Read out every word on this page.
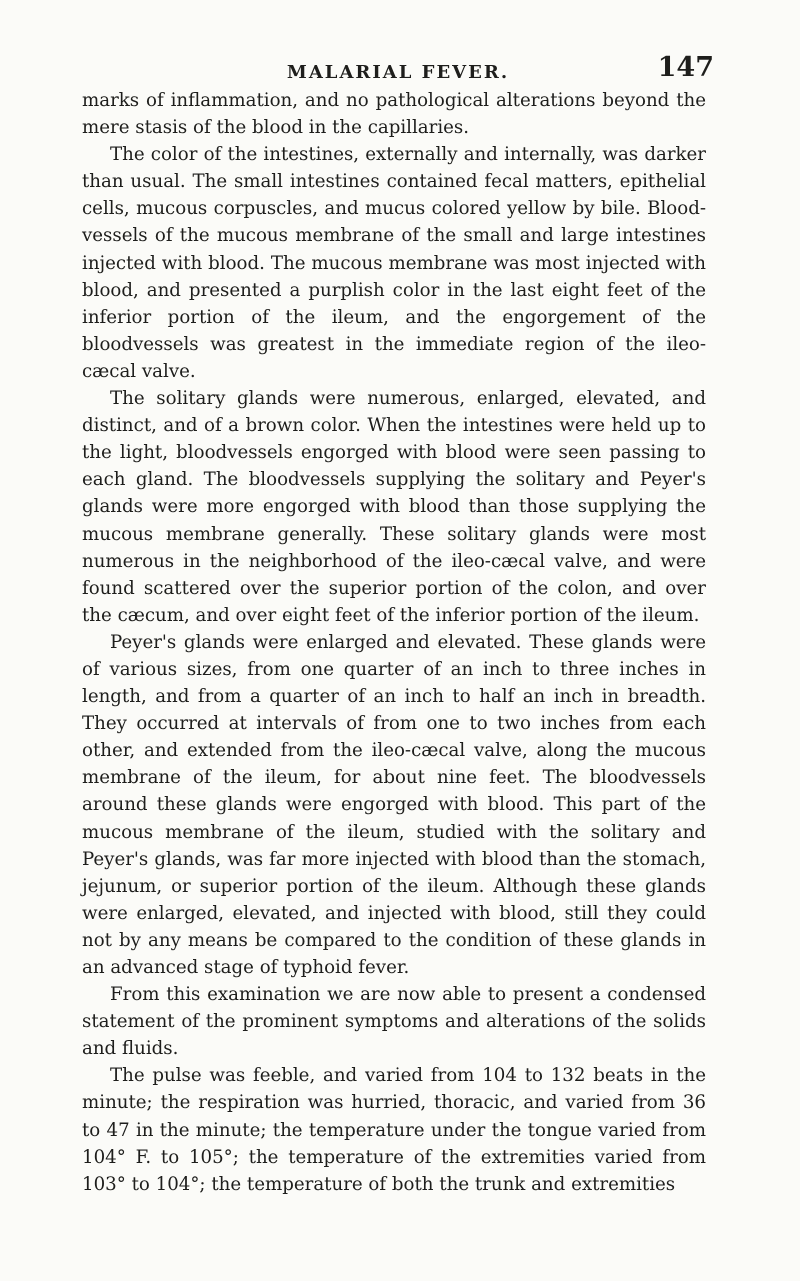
MALARIAL FEVER.	147

marks of inflammation, and no pathological alterations beyond the mere stasis of the blood in the capillaries.

The color of the intestines, externally and internally, was darker than usual. The small intestines contained fecal matters, epithelial cells, mucous corpuscles, and mucus colored yellow by bile. Blood-vessels of the mucous membrane of the small and large intestines injected with blood. The mucous membrane was most injected with blood, and presented a purplish color in the last eight feet of the inferior portion of the ileum, and the engorgement of the bloodvessels was greatest in the immediate region of the ileo-cæcal valve.

The solitary glands were numerous, enlarged, elevated, and distinct, and of a brown color. When the intestines were held up to the light, bloodvessels engorged with blood were seen passing to each gland. The bloodvessels supplying the solitary and Peyer's glands were more engorged with blood than those supplying the mucous membrane generally. These solitary glands were most numerous in the neighborhood of the ileo-cæcal valve, and were found scattered over the superior portion of the colon, and over the cæcum, and over eight feet of the inferior portion of the ileum.

Peyer's glands were enlarged and elevated. These glands were of various sizes, from one quarter of an inch to three inches in length, and from a quarter of an inch to half an inch in breadth. They occurred at intervals of from one to two inches from each other, and extended from the ileo-cæcal valve, along the mucous membrane of the ileum, for about nine feet. The bloodvessels around these glands were engorged with blood. This part of the mucous membrane of the ileum, studied with the solitary and Peyer's glands, was far more injected with blood than the stomach, jejunum, or superior portion of the ileum. Although these glands were enlarged, elevated, and injected with blood, still they could not by any means be compared to the condition of these glands in an advanced stage of typhoid fever.

From this examination we are now able to present a condensed statement of the prominent symptoms and alterations of the solids and fluids.

The pulse was feeble, and varied from 104 to 132 beats in the minute; the respiration was hurried, thoracic, and varied from 36 to 47 in the minute; the temperature under the tongue varied from 104° F. to 105°; the temperature of the extremities varied from 103° to 104°; the temperature of both the trunk and extremities
